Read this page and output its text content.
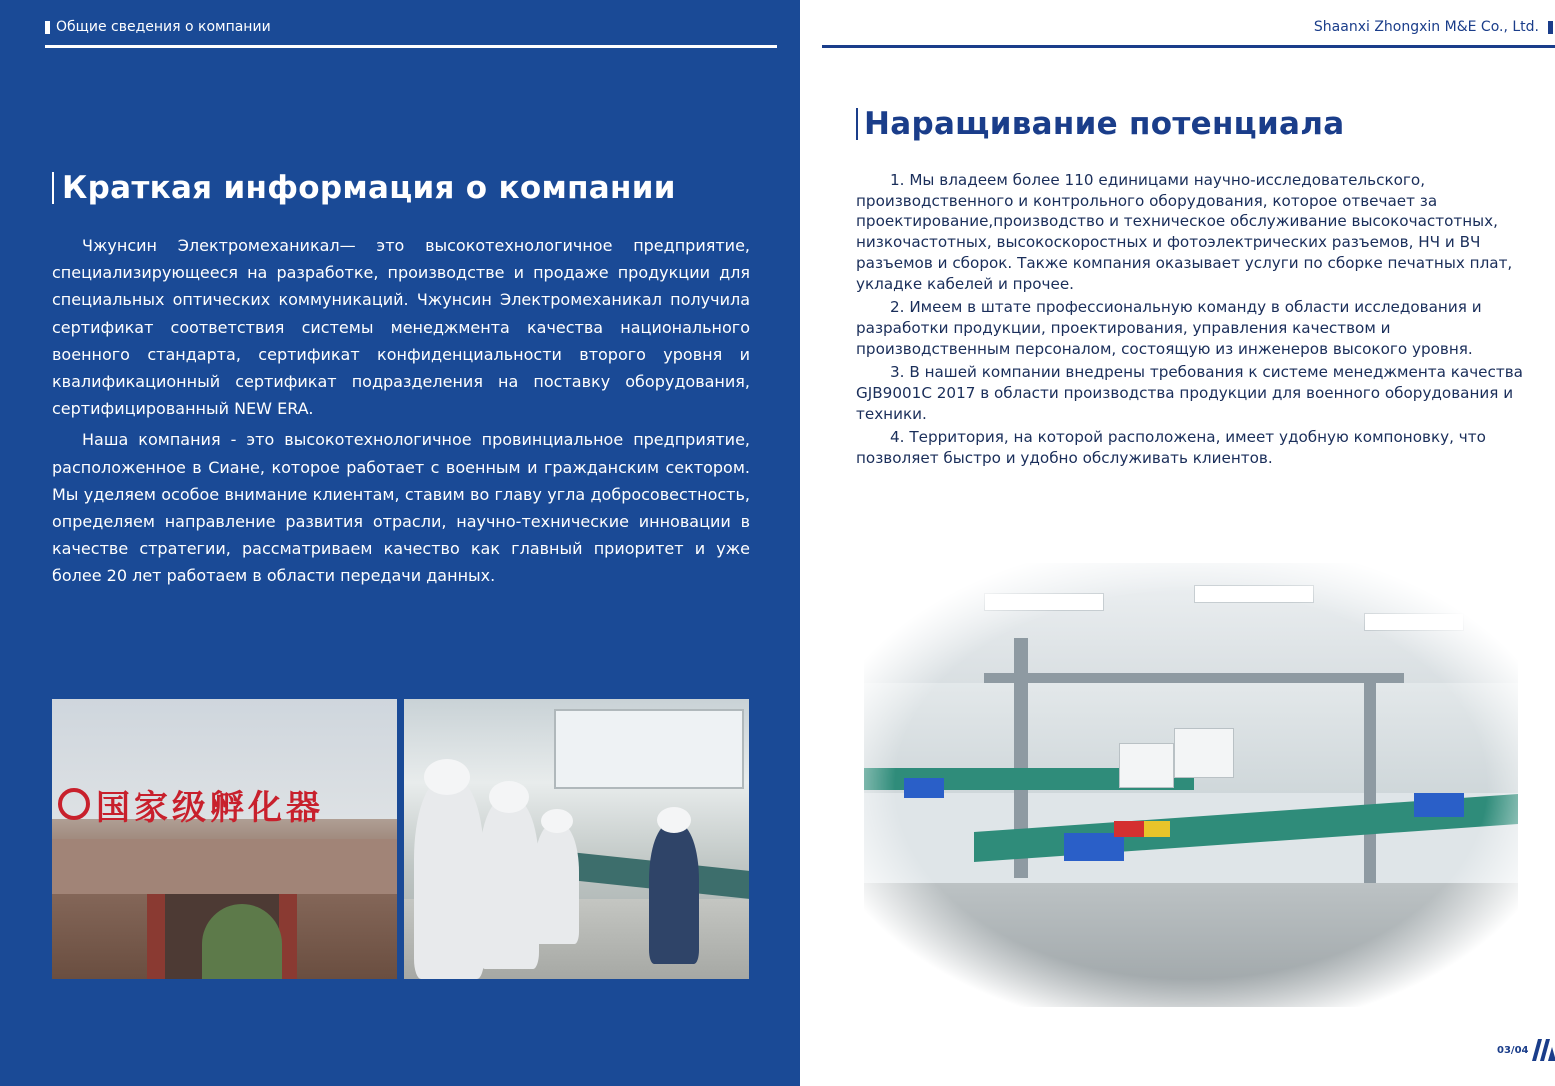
Общие сведения о компании
Краткая информация о компании

Чжунсин Электромеханикал— это высокотехнологичное предприятие, специализирующееся на разработке, производстве и продаже продукции для специальных оптических коммуникаций. Чжунсин Электромеханикал получила сертификат соответствия системы менеджмента качества национального военного стандарта, сертификат конфиденциальности второго уровня и квалификационный сертификат подразделения на поставку оборудования, сертифицированный NEW ERA.

Наша компания - это высокотехнологичное провинциальное предприятие, расположенное в Сиане, которое работает с военным и гражданским сектором. Мы уделяем особое внимание клиентам, ставим во главу угла добросовестность, определяем направление развития отрасли, научно-технические инновации в качестве стратегии, рассматриваем качество как главный приоритет и уже более 20 лет работаем в области передачи данных.

国家级孵化器
Shaanxi Zhongxin M&E Co., Ltd.
Наращивание потенциала

1. Мы владеем более 110 единицами научно-исследовательского, производственного и контрольного оборудования, которое отвечает за проектирование,производство и техническое обслуживание высокочастотных, низкочастотных, высокоскоростных и фотоэлектрических разъемов, НЧ и ВЧ разъемов и сборок. Также компания оказывает услуги по сборке печатных плат, укладке кабелей и прочее.

2. Имеем в штате профессиональную команду в области исследования и разработки продукции, проектирования, управления качеством и производственным персоналом, состоящую из инженеров высокого уровня.

3. В нашей компании внедрены требования к системе менеджмента качества GJB9001C 2017 в области производства продукции для военного оборудования и техники.

4. Территория, на которой расположена, имеет удобную компоновку, что позволяет быстро и удобно обслуживать клиентов.

03/04
